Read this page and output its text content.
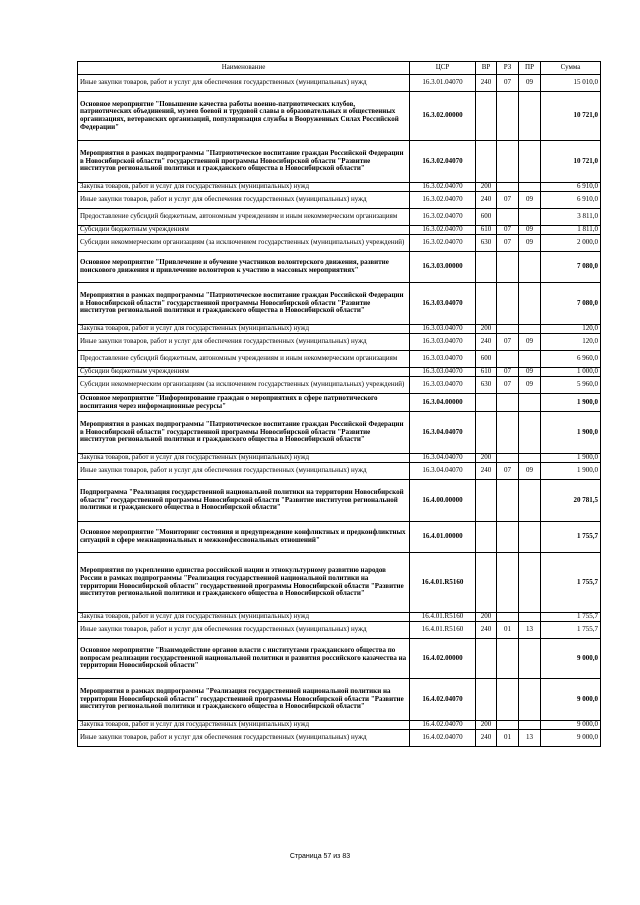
Наименование	ЦСР	ВР	РЗ	ПР	Сумма
Иные закупки товаров, работ и услуг для обеспечения государственных (муниципальных) нужд	16.3.01.04070	240	07	09	15 010,0
Основное мероприятие "Повышение качества работы военно-патриотических клубов, патриотических объединений, музеев боевой и трудовой славы в образовательных и общественных организациях, ветеранских организаций, популяризация службы в Вооруженных Силах Российской Федерации"	16.3.02.00000				10 721,0
Мероприятия в рамках подпрограммы "Патриотическое воспитание граждан Российской Федерации в Новосибирской области" государственной программы Новосибирской области "Развитие институтов региональной политики и гражданского общества в Новосибирской области"	16.3.02.04070				10 721,0
Закупка товаров, работ и услуг для государственных (муниципальных) нужд	16.3.02.04070	200			6 910,0
Иные закупки товаров, работ и услуг для обеспечения государственных (муниципальных) нужд	16.3.02.04070	240	07	09	6 910,0
Предоставление субсидий бюджетным, автономным учреждениям и иным некоммерческим организациям	16.3.02.04070	600			3 811,0
Субсидии бюджетным учреждениям	16.3.02.04070	610	07	09	1 811,0
Субсидии некоммерческим организациям (за исключением государственных (муниципальных) учреждений)	16.3.02.04070	630	07	09	2 000,0
Основное мероприятие "Привлечение и обучение участников волонтерского движения, развитие поискового движения и привлечение волонтеров к участию в массовых мероприятиях"	16.3.03.00000				7 080,0
Мероприятия в рамках подпрограммы "Патриотическое воспитание граждан Российской Федерации в Новосибирской области" государственной программы Новосибирской области "Развитие институтов региональной политики и гражданского общества в Новосибирской области"	16.3.03.04070				7 080,0
Закупка товаров, работ и услуг для государственных (муниципальных) нужд	16.3.03.04070	200			120,0
Иные закупки товаров, работ и услуг для обеспечения государственных (муниципальных) нужд	16.3.03.04070	240	07	09	120,0
Предоставление субсидий бюджетным, автономным учреждениям и иным некоммерческим организациям	16.3.03.04070	600			6 960,0
Субсидии бюджетным учреждениям	16.3.03.04070	610	07	09	1 000,0
Субсидии некоммерческим организациям (за исключением государственных (муниципальных) учреждений)	16.3.03.04070	630	07	09	5 960,0
Основное мероприятие "Информирование граждан о мероприятиях в сфере патриотического воспитания через информационные ресурсы"	16.3.04.00000				1 900,0
Мероприятия в рамках подпрограммы "Патриотическое воспитание граждан Российской Федерации в Новосибирской области" государственной программы Новосибирской области "Развитие институтов региональной политики и гражданского общества в Новосибирской области"	16.3.04.04070				1 900,0
Закупка товаров, работ и услуг для государственных (муниципальных) нужд	16.3.04.04070	200			1 900,0
Иные закупки товаров, работ и услуг для обеспечения государственных (муниципальных) нужд	16.3.04.04070	240	07	09	1 900,0
Подпрограмма "Реализация государственной национальной политики на территории Новосибирской области" государственной программы Новосибирской области "Развитие институтов региональной политики и гражданского общества в Новосибирской области"	16.4.00.00000				20 781,5
Основное мероприятие "Мониторинг состояния и предупреждение конфликтных и предконфликтных ситуаций в сфере межнациональных и межконфессиональных отношений"	16.4.01.00000				1 755,7
Мероприятия по укреплению единства российской нации и этнокультурному развитию народов России в рамках подпрограммы "Реализация государственной национальной политики на территории Новосибирской области" государственной программы Новосибирской области "Развитие институтов региональной политики и гражданского общества в Новосибирской области"	16.4.01.R5160				1 755,7
Закупка товаров, работ и услуг для государственных (муниципальных) нужд	16.4.01.R5160	200			1 755,7
Иные закупки товаров, работ и услуг для обеспечения государственных (муниципальных) нужд	16.4.01.R5160	240	01	13	1 755,7
Основное мероприятие "Взаимодействие органов власти с институтами гражданского общества по вопросам реализации государственной национальной политики и развития российского казачества на территории Новосибирской области"	16.4.02.00000				9 000,0
Мероприятия в рамках подпрограммы "Реализация государственной национальной политики на территории Новосибирской области" государственной программы Новосибирской области "Развитие институтов региональной политики и гражданского общества в Новосибирской области"	16.4.02.04070				9 000,0
Закупка товаров, работ и услуг для государственных (муниципальных) нужд	16.4.02.04070	200			9 000,0
Иные закупки товаров, работ и услуг для обеспечения государственных (муниципальных) нужд	16.4.02.04070	240	01	13	9 000,0
Страница 57 из 83
